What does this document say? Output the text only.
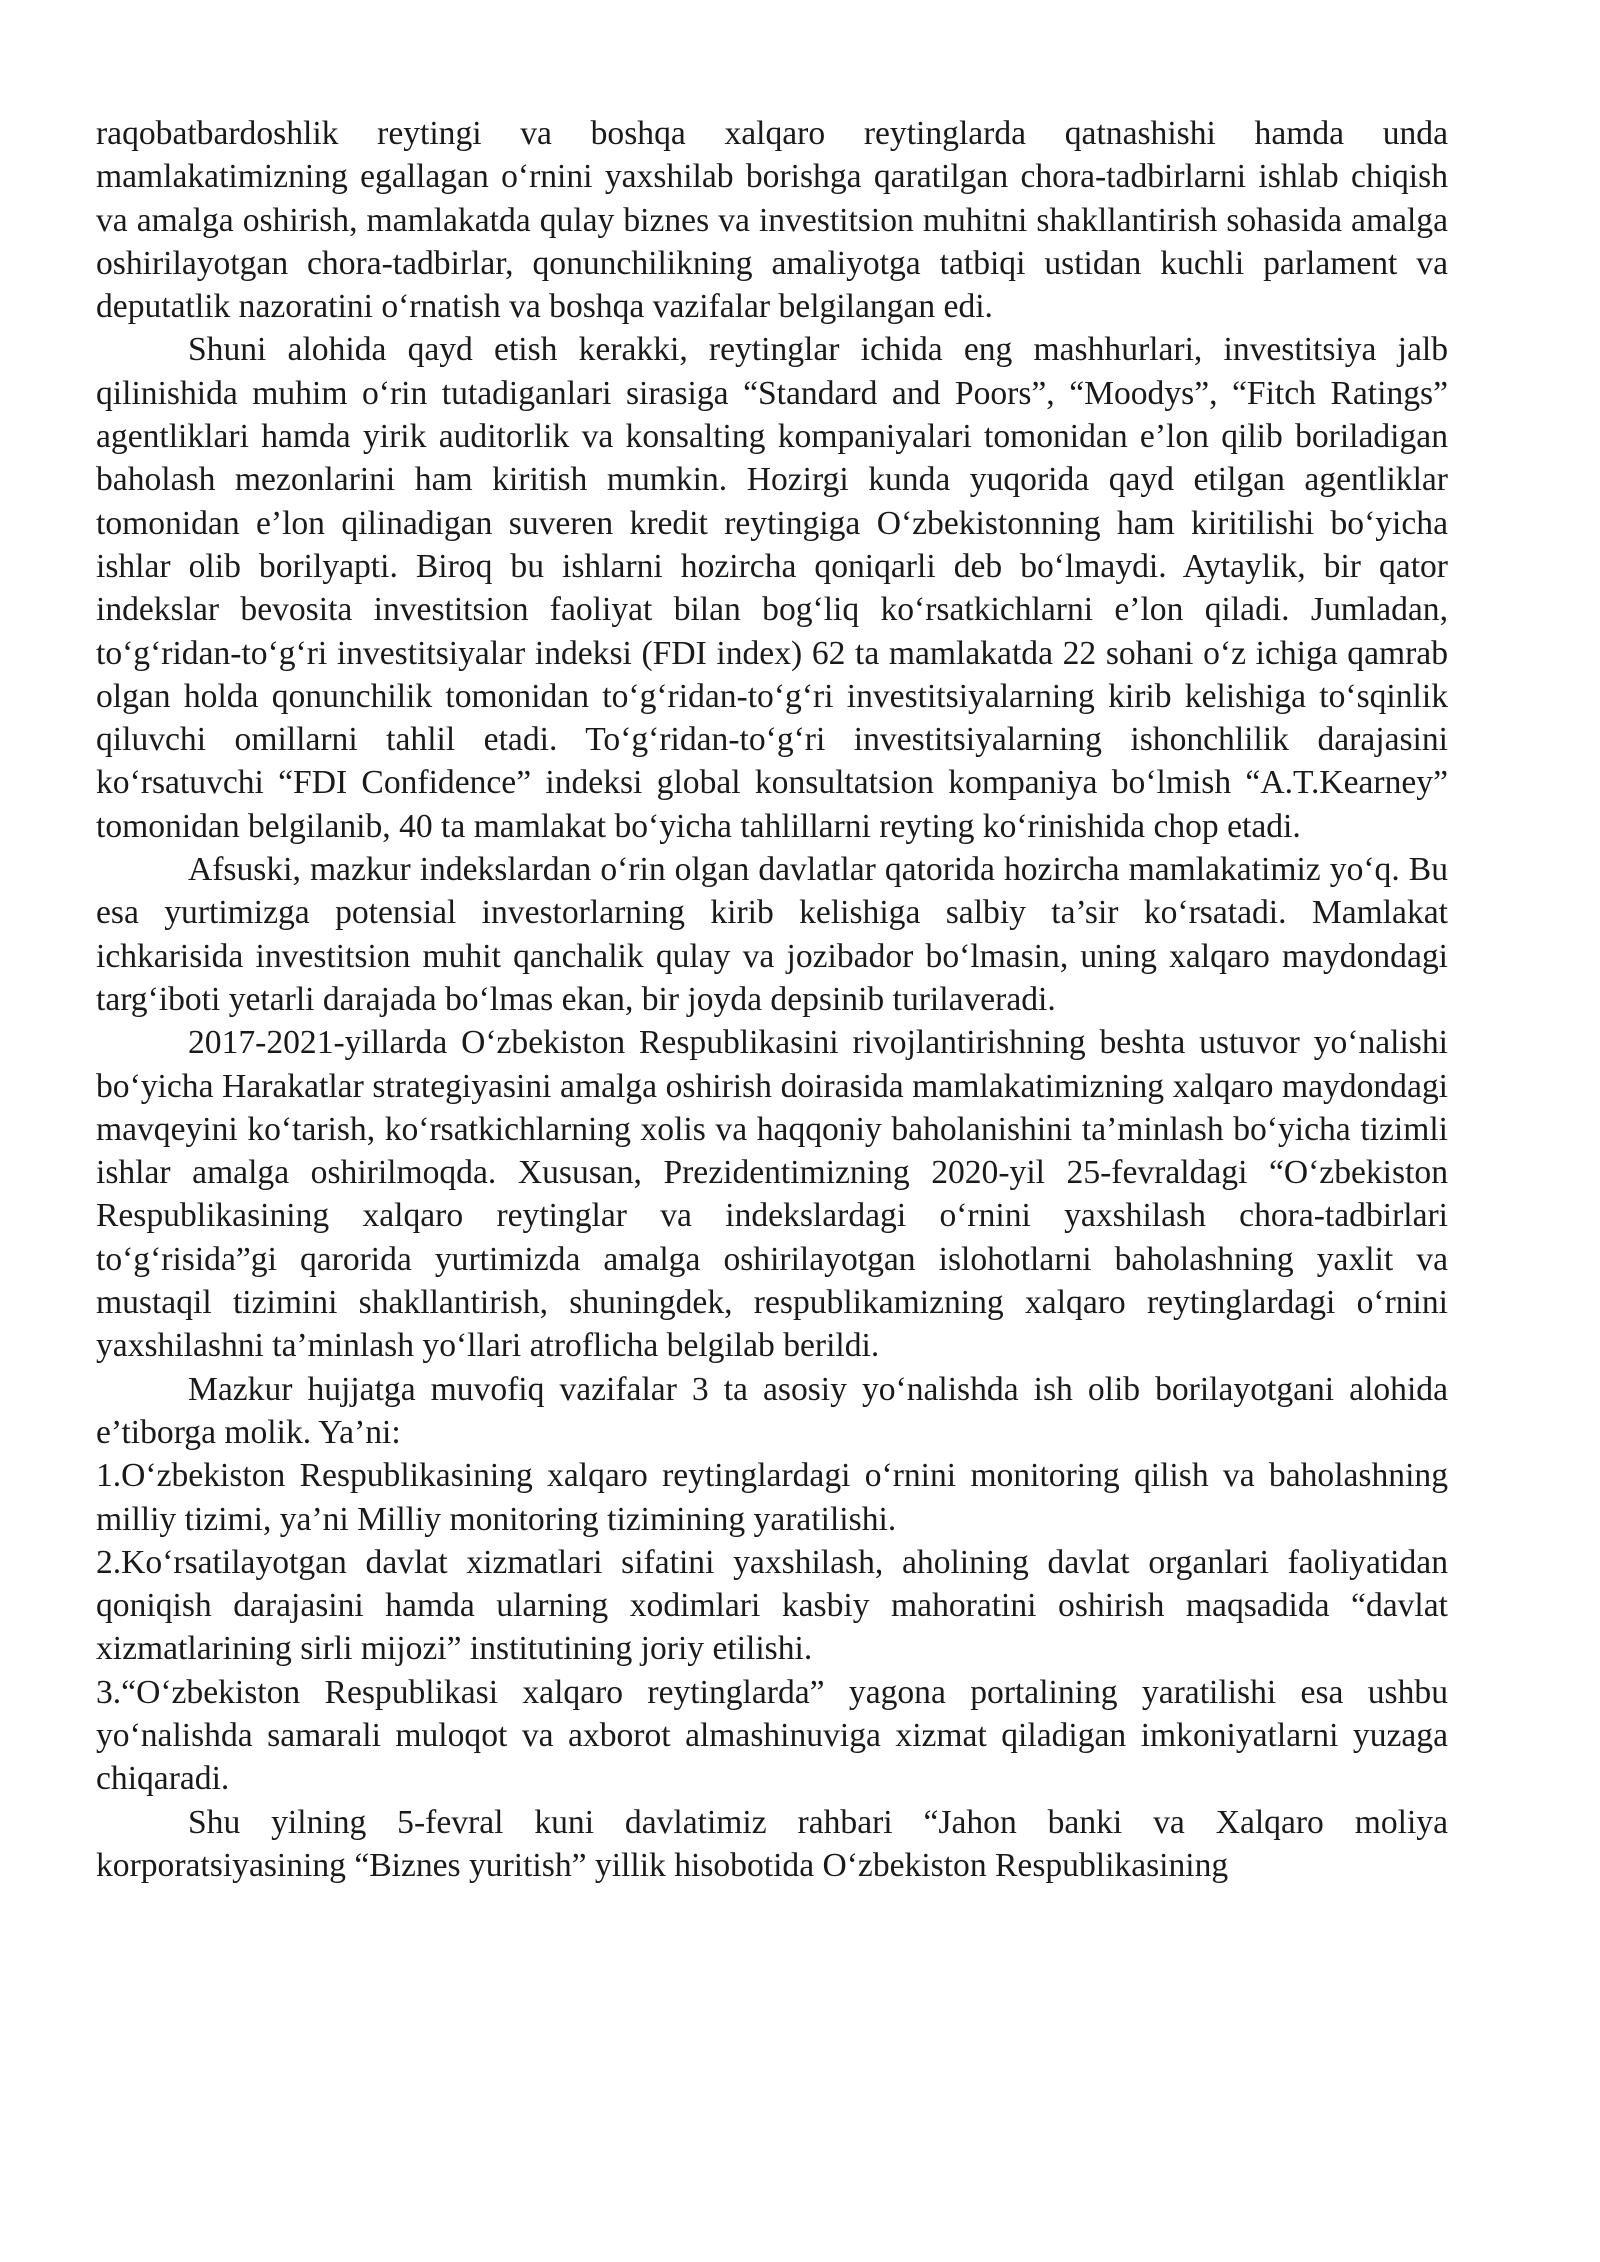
raqobatbardoshlik reytingi va boshqa xalqaro reytinglarda qatnashishi hamda unda mamlakatimizning egallagan oʻrnini yaxshilab borishga qaratilgan chora-tadbirlarni ishlab chiqish va amalga oshirish, mamlakatda qulay biznes va investitsion muhitni shakllantirish sohasida amalga oshirilayotgan chora-tadbirlar, qonunchilikning amaliyotga tatbiqi ustidan kuchli parlament va deputatlik nazoratini oʻrnatish va boshqa vazifalar belgilangan edi.

Shuni alohida qayd etish kerakki, reytinglar ichida eng mashhurlari, investitsiya jalb qilinishida muhim oʻrin tutadiganlari sirasiga “Standard and Poors”, “Moodys”, “Fitch Ratings” agentliklari hamda yirik auditorlik va konsalting kompaniyalari tomonidan e’lon qilib boriladigan baholash mezonlarini ham kiritish mumkin. Hozirgi kunda yuqorida qayd etilgan agentliklar tomonidan e’lon qilinadigan suveren kredit reytingiga Oʻzbekistonning ham kiritilishi boʻyicha ishlar olib borilyapti. Biroq bu ishlarni hozircha qoniqarli deb boʻlmaydi. Aytaylik, bir qator indekslar bevosita investitsion faoliyat bilan bogʻliq koʻrsatkichlarni e’lon qiladi. Jumladan, toʻgʻridan-toʻgʻri investitsiyalar indeksi (FDI index) 62 ta mamlakatda 22 sohani oʻz ichiga qamrab olgan holda qonunchilik tomonidan toʻgʻridan-toʻgʻri investitsiyalarning kirib kelishiga toʻsqinlik qiluvchi omillarni tahlil etadi. Toʻgʻridan-toʻgʻri investitsiyalarning ishonchlilik darajasini koʻrsatuvchi “FDI Confidence” indeksi global konsultatsion kompaniya boʻlmish “A.T.Kearney” tomonidan belgilanib, 40 ta mamlakat boʻyicha tahlillarni reyting koʻrinishida chop etadi.

Afsuski, mazkur indekslardan oʻrin olgan davlatlar qatorida hozircha mamlakatimiz yoʻq. Bu esa yurtimizga potensial investorlarning kirib kelishiga salbiy ta’sir koʻrsatadi. Mamlakat ichkarisida investitsion muhit qanchalik qulay va jozibador boʻlmasin, uning xalqaro maydondagi targʻiboti yetarli darajada boʻlmas ekan, bir joyda depsinib turilaveradi.

2017-2021-yillarda Oʻzbekiston Respublikasini rivojlantirishning beshta ustuvor yoʻnalishi boʻyicha Harakatlar strategiyasini amalga oshirish doirasida mamlakatimizning xalqaro maydondagi mavqeyini koʻtarish, koʻrsatkichlarning xolis va haqqoniy baholanishini ta’minlash boʻyicha tizimli ishlar amalga oshirilmoqda. Xususan, Prezidentimizning 2020-yil 25-fevraldagi “Oʻzbekiston Respublikasining xalqaro reytinglar va indekslardagi oʻrnini yaxshilash chora-tadbirlari toʻgʻrisida”gi qarorida yurtimizda amalga oshirilayotgan islohotlarni baholashning yaxlit va mustaqil tizimini shakllantirish, shuningdek, respublikamizning xalqaro reytinglardagi oʻrnini yaxshilashni ta’minlash yoʻllari atroflicha belgilab berildi.

Mazkur hujjatga muvofiq vazifalar 3 ta asosiy yoʻnalishda ish olib borilayotgani alohida e’tiborga molik. Ya’ni:

1.Oʻzbekiston Respublikasining xalqaro reytinglardagi oʻrnini monitoring qilish va baholashning milliy tizimi, ya’ni Milliy monitoring tizimining yaratilishi.

2.Koʻrsatilayotgan davlat xizmatlari sifatini yaxshilash, aholining davlat organlari faoliyatidan qoniqish darajasini hamda ularning xodimlari kasbiy mahoratini oshirish maqsadida “davlat xizmatlarining sirli mijozi” institutining joriy etilishi.

3.“Oʻzbekiston Respublikasi xalqaro reytinglarda” yagona portalining yaratilishi esa ushbu yoʻnalishda samarali muloqot va axborot almashinuviga xizmat qiladigan imkoniyatlarni yuzaga chiqaradi.

Shu yilning 5-fevral kuni davlatimiz rahbari “Jahon banki va Xalqaro moliya korporatsiyasining “Biznes yuritish” yillik hisobotida Oʻzbekiston Respublikasining
